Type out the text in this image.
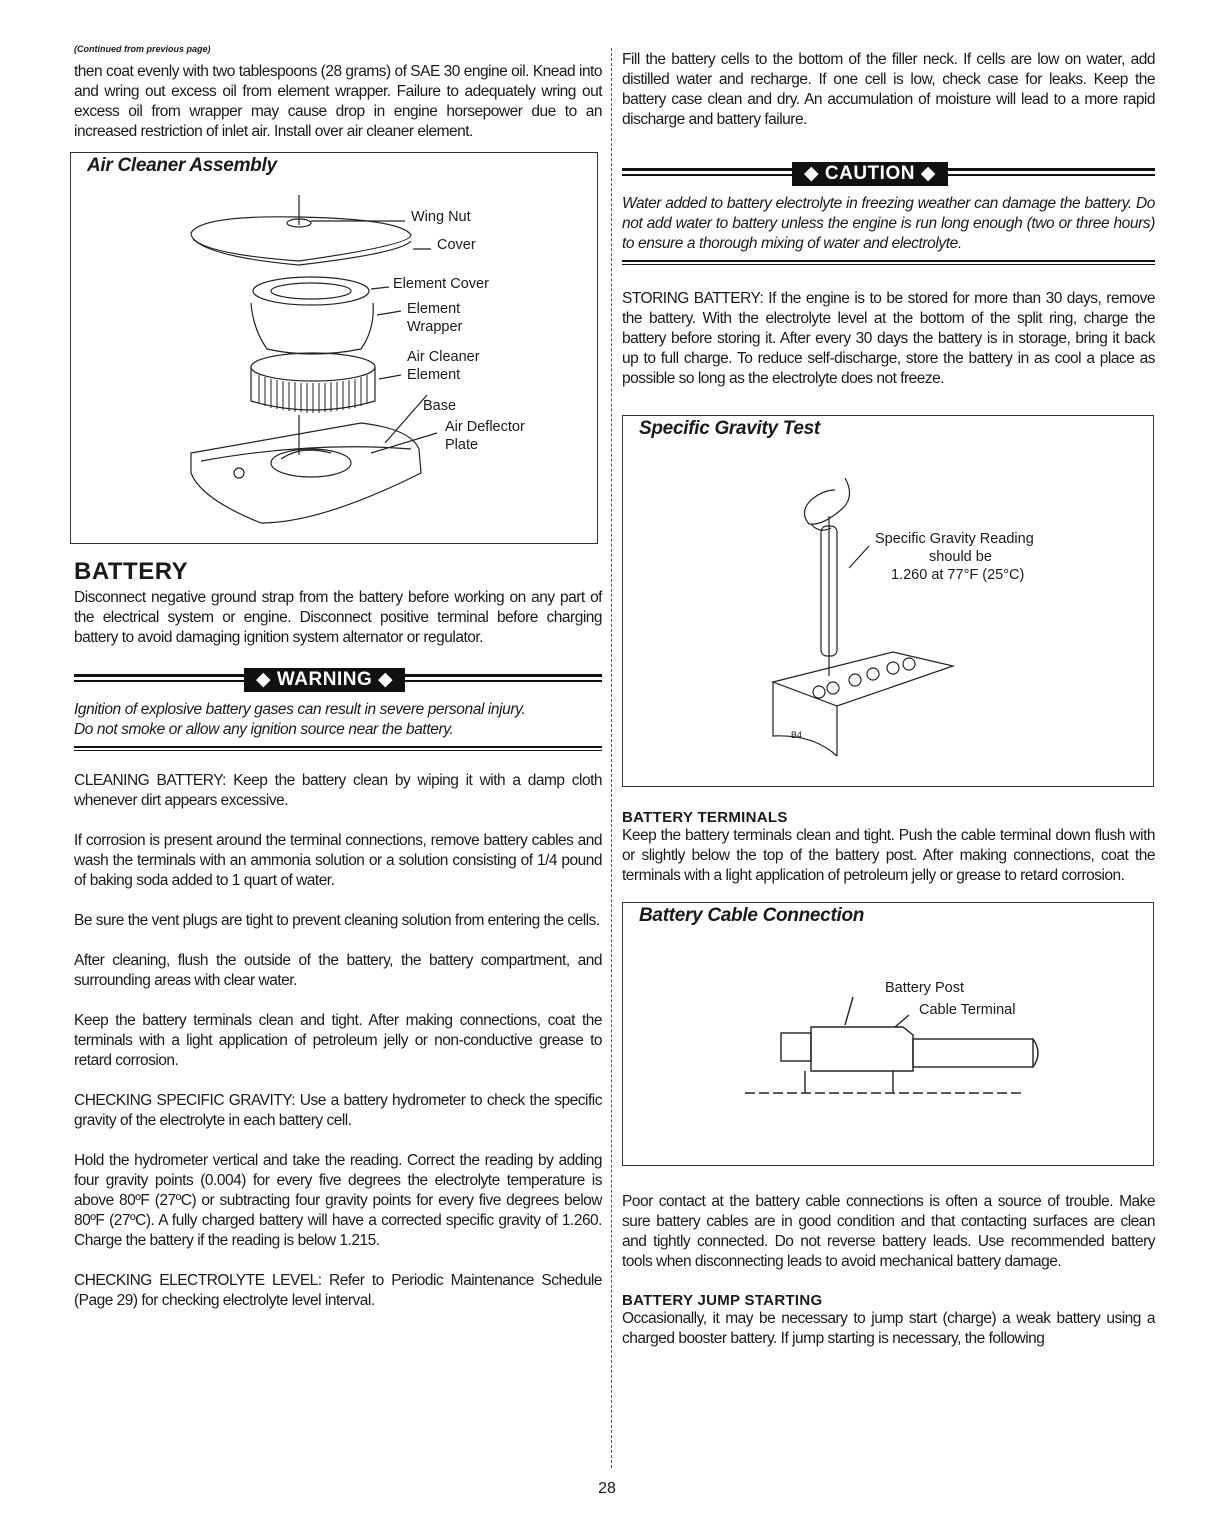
(Continued from previous page)

then coat evenly with two tablespoons (28 grams) of SAE 30 engine oil. Knead into and wring out excess oil from element wrapper. Failure to adequately wring out excess oil from wrapper may cause drop in engine horsepower due to an increased restriction of inlet air. Install over air cleaner element.

Air Cleaner Assembly
Wing Nut
Cover
Element Cover
Element
Wrapper
Air Cleaner
Element
Base
Air Deflector
Plate
BATTERY

Disconnect negative ground strap from the battery before working on any part of the electrical system or engine. Disconnect positive terminal before charging battery to avoid damaging ignition system alternator or regulator.

◆ WARNING ◆

Ignition of explosive battery gases can result in severe personal injury.

Do not smoke or allow any ignition source near the battery.

CLEANING BATTERY: Keep the battery clean by wiping it with a damp cloth whenever dirt appears excessive.

If corrosion is present around the terminal connections, remove battery cables and wash the terminals with an ammonia solution or a solution consisting of 1/4 pound of baking soda added to 1 quart of water.

Be sure the vent plugs are tight to prevent cleaning solution from entering the cells.

After cleaning, flush the outside of the battery, the battery compartment, and surrounding areas with clear water.

Keep the battery terminals clean and tight. After making connections, coat the terminals with a light application of petroleum jelly or non-conductive grease to retard corrosion.

CHECKING SPECIFIC GRAVITY: Use a battery hydrometer to check the specific gravity of the electrolyte in each battery cell.

Hold the hydrometer vertical and take the reading. Correct the reading by adding four gravity points (0.004) for every five degrees the electrolyte temperature is above 80ºF (27ºC) or subtracting four gravity points for every five degrees below 80ºF (27ºC). A fully charged battery will have a corrected specific gravity of 1.260. Charge the battery if the reading is below 1.215.

CHECKING ELECTROLYTE LEVEL: Refer to Periodic Maintenance Schedule (Page 29) for checking electrolyte level interval.

Fill the battery cells to the bottom of the filler neck. If cells are low on water, add distilled water and recharge. If one cell is low, check case for leaks. Keep the battery case clean and dry. An accumulation of moisture will lead to a more rapid discharge and battery failure.

◆ CAUTION ◆

Water added to battery electrolyte in freezing weather can damage the battery. Do not add water to battery unless the engine is run long enough (two or three hours) to ensure a thorough mixing of water and electrolyte.

STORING BATTERY: If the engine is to be stored for more than 30 days, remove the battery. With the electrolyte level at the bottom of the split ring, charge the battery before storing it. After every 30 days the battery is in storage, bring it back up to full charge. To reduce self-discharge, store the battery in as cool a place as possible so long as the electrolyte does not freeze.

Specific Gravity Test
B4
Specific Gravity Reading
should be
1.260 at 77°F (25°C)
BATTERY TERMINALS

Keep the battery terminals clean and tight. Push the cable terminal down flush with or slightly below the top of the battery post. After making connections, coat the terminals with a light application of petroleum jelly or grease to retard corrosion.

Battery Cable Connection
Battery Post
Cable Terminal

Poor contact at the battery cable connections is often a source of trouble. Make sure battery cables are in good condition and that contacting surfaces are clean and tightly connected. Do not reverse battery leads. Use recommended battery tools when disconnecting leads to avoid mechanical battery damage.

BATTERY JUMP STARTING

Occasionally, it may be necessary to jump start (charge) a weak battery using a charged booster battery. If jump starting is necessary, the following

28
